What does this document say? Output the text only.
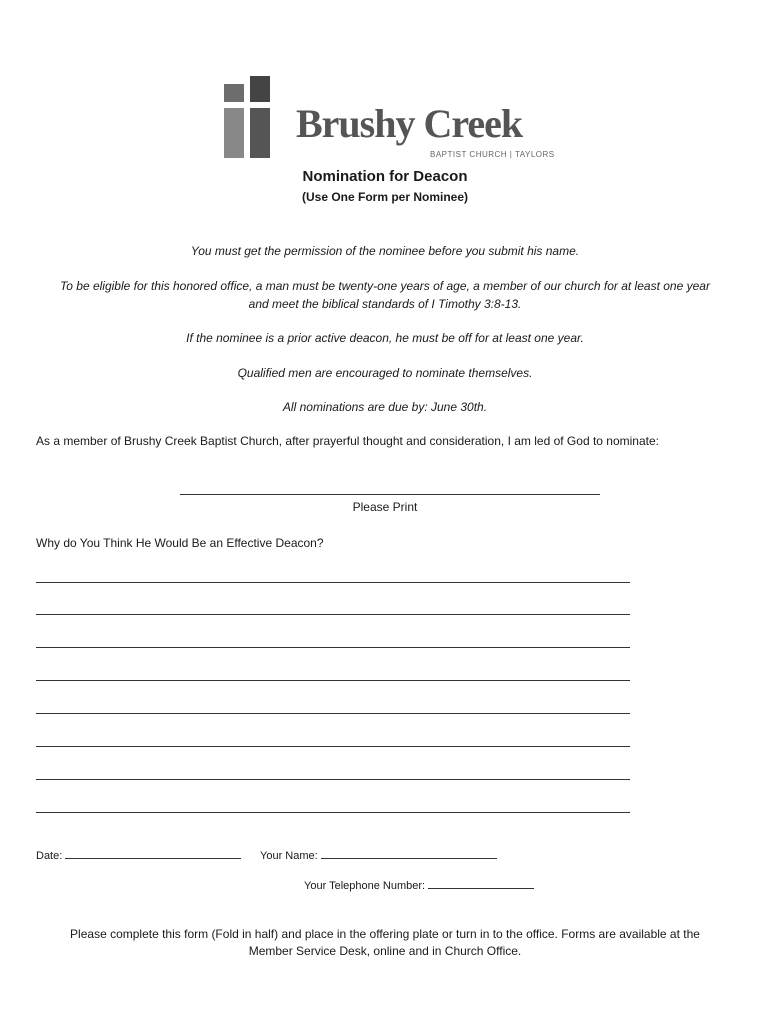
Brushy Creek
BAPTIST CHURCH | TAYLORS
Nomination for Deacon
(Use One Form per Nominee)
You must get the permission of the nominee before you submit his name.
To be eligible for this honored office, a man must be twenty-one years of age, a member of our church for at least one year
and meet the biblical standards of I Timothy 3:8-13.
If the nominee is a prior active deacon, he must be off for at least one year.
Qualified men are encouraged to nominate themselves.
All nominations are due by: June 30th.
As a member of Brushy Creek Baptist Church, after prayerful thought and consideration, I am led of God to nominate:
Please Print
Why do You Think He Would Be an Effective Deacon?
Date:	Your Name:
Your Telephone Number:
Please complete this form (Fold in half) and place in the offering plate or turn in to the office. Forms are available at the
Member Service Desk, online and in Church Office.
